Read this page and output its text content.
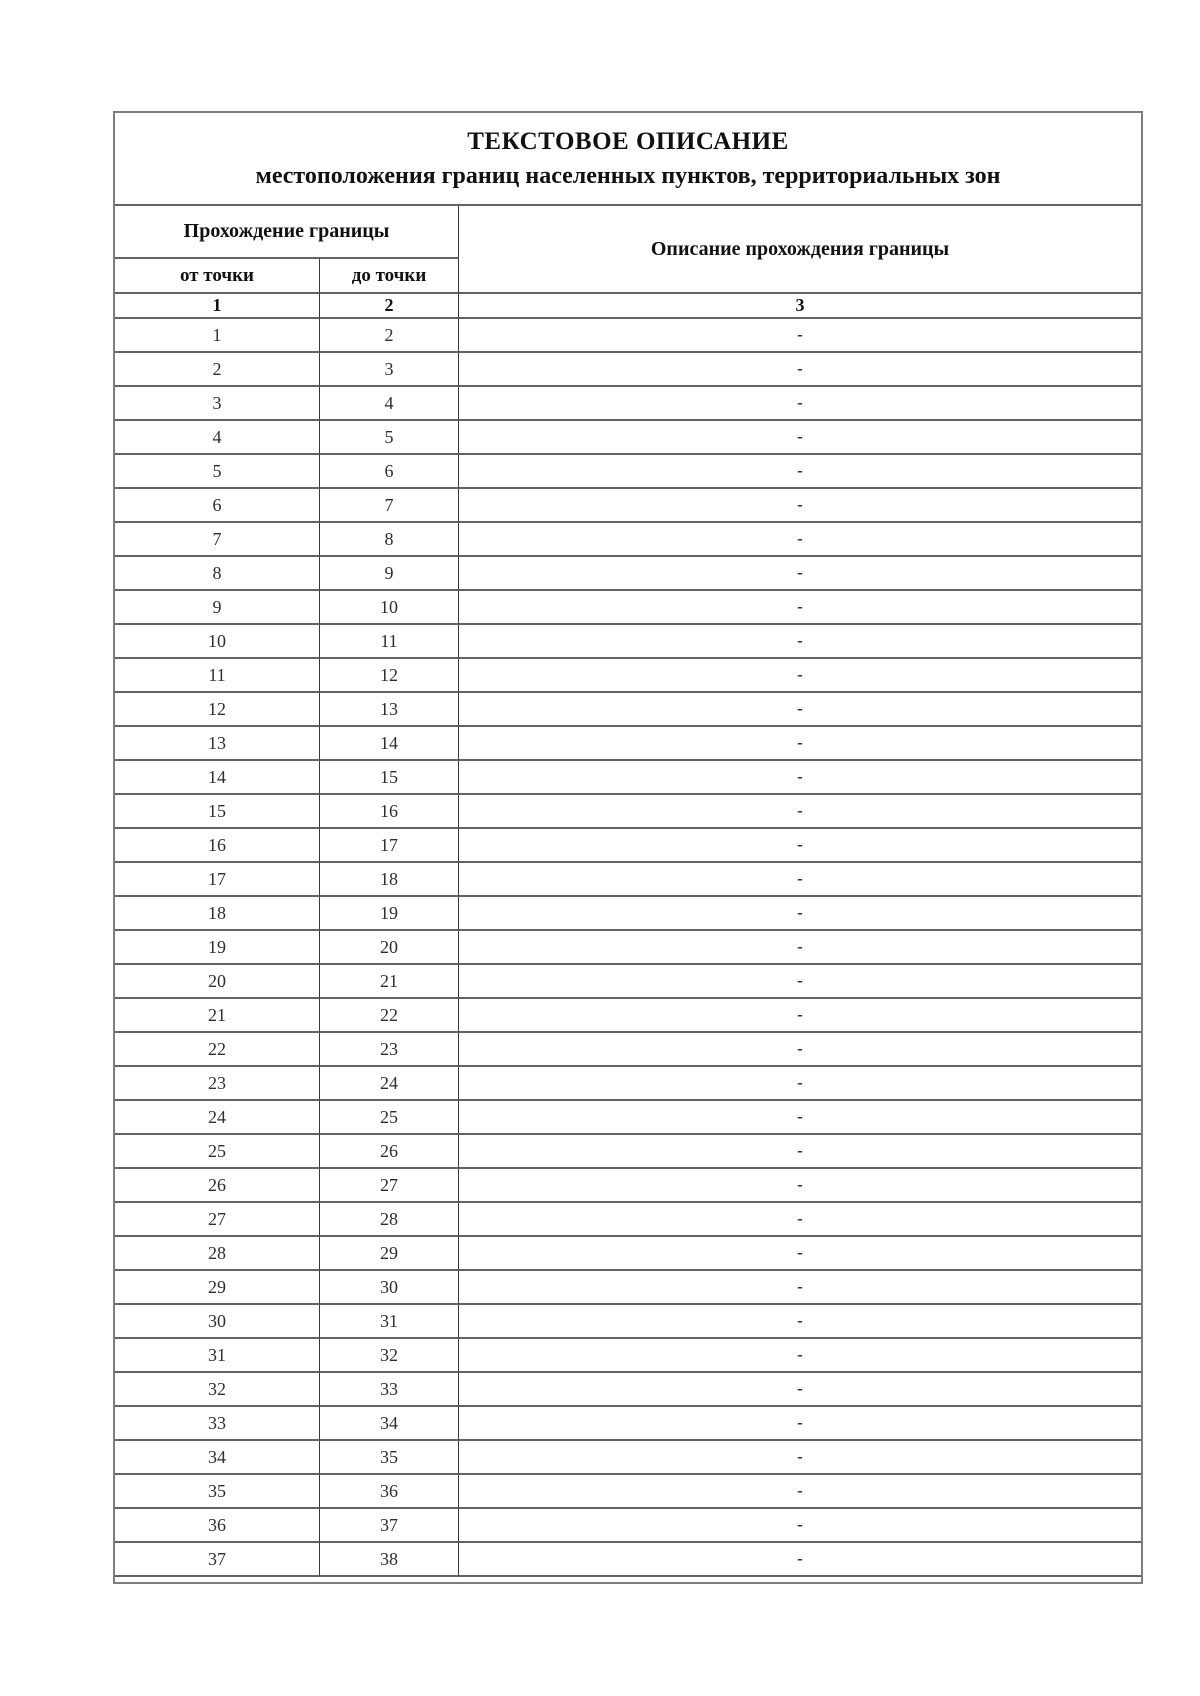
ТЕКСТОВОЕ ОПИСАНИЕ
местоположения границ населенных пунктов, территориальных зон
Прохождение границы		Описание прохождения границы
от точки	до точки	
1	2	3
1	2	-
2	3	-
3	4	-
4	5	-
5	6	-
6	7	-
7	8	-
8	9	-
9	10	-
10	11	-
11	12	-
12	13	-
13	14	-
14	15	-
15	16	-
16	17	-
17	18	-
18	19	-
19	20	-
20	21	-
21	22	-
22	23	-
23	24	-
24	25	-
25	26	-
26	27	-
27	28	-
28	29	-
29	30	-
30	31	-
31	32	-
32	33	-
33	34	-
34	35	-
35	36	-
36	37	-
37	38	-
